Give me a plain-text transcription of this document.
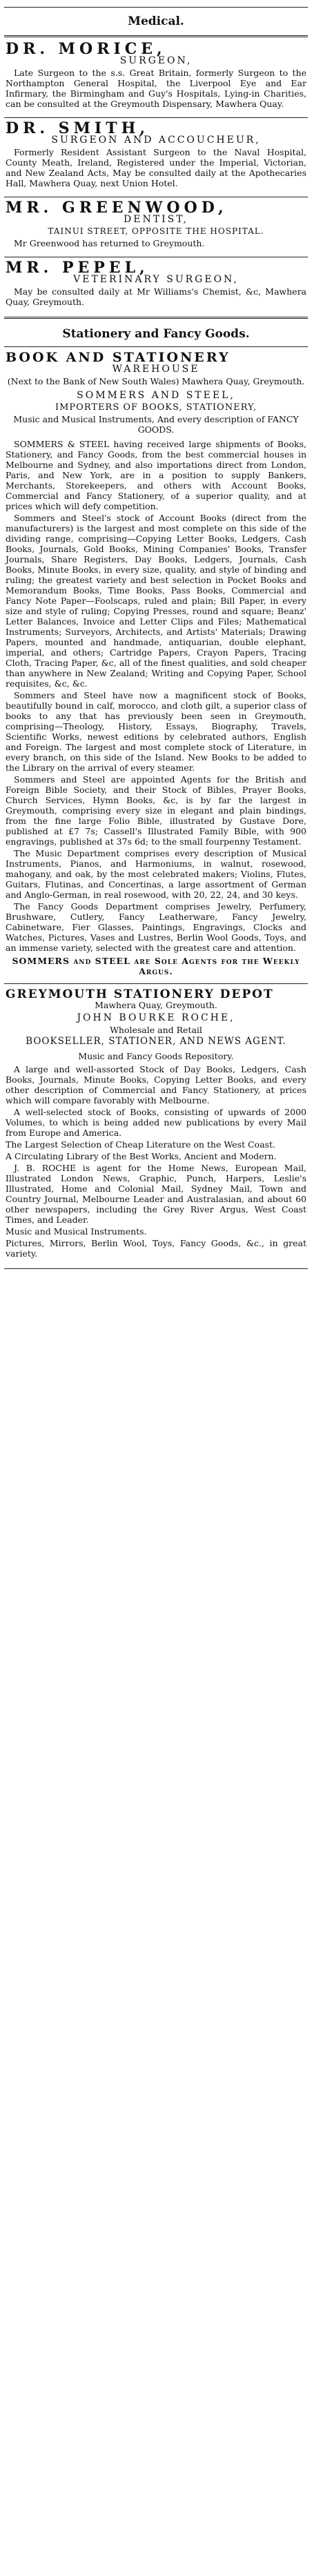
Medical.
DR. MORICE,
SURGEON,

Late Surgeon to the s.s. Great Britain, formerly Surgeon to the Northampton General Hospital, the Liverpool Eye and Ear Infirmary, the Birmingham and Guy's Hospitals, Lying-in Charities, can be consulted at the Greymouth Dispensary, Mawhera Quay.

DR. SMITH,
SURGEON AND ACCOUCHEUR,

Formerly Resident Assistant Surgeon to the Naval Hospital, County Meath, Ireland, Registered under the Imperial, Victorian, and New Zealand Acts, May be consulted daily at the Apothecaries Hall, Mawhera Quay, next Union Hotel.

MR. GREENWOOD,
DENTIST,
TAINUI STREET, OPPOSITE THE HOSPITAL.

Mr Greenwood has returned to Greymouth.

MR. PEPEL,
VETERINARY SURGEON,

May be consulted daily at Mr Williams's Chemist, &c, Mawhera Quay, Greymouth.

Stationery and Fancy Goods.
BOOK AND STATIONERY
WAREHOUSE
(Next to the Bank of New South Wales) Mawhera Quay, Greymouth.
SOMMERS AND STEEL,
IMPORTERS OF BOOKS, STATIONERY,
Music and Musical Instruments, And every description of FANCY GOODS.

SOMMERS & STEEL having received large shipments of Books, Stationery, and Fancy Goods, from the best commercial houses in Melbourne and Sydney, and also importations direct from London, Paris, and New York, are in a position to supply Bankers, Merchants, Storekeepers, and others with Account Books, Commercial and Fancy Stationery, of a superior quality, and at prices which will defy competition.

Sommers and Steel's stock of Account Books (direct from the manufacturers) is the largest and most complete on this side of the dividing range, comprising—Copying Letter Books, Ledgers, Cash Books, Journals, Gold Books, Mining Companies' Books, Transfer Journals, Share Registers, Day Books, Ledgers, Journals, Cash Books, Minute Books, in every size, quality, and style of binding and ruling; the greatest variety and best selection in Pocket Books and Memorandum Books, Time Books, Pass Books, Commercial and Fancy Note Paper—Foolscaps, ruled and plain; Bill Paper, in every size and style of ruling; Copying Presses, round and square; Beanz' Letter Balances, Invoice and Letter Clips and Files; Mathematical Instruments; Surveyors, Architects, and Artists' Materials; Drawing Papers, mounted and handmade, antiquarian, double elephant, imperial, and others; Cartridge Papers, Crayon Papers, Tracing Cloth, Tracing Paper, &c, all of the finest qualities, and sold cheaper than anywhere in New Zealand; Writing and Copying Paper, School requisites, &c, &c.

Sommers and Steel have now a magnificent stock of Books, beautifully bound in calf, morocco, and cloth gilt, a superior class of books to any that has previously been seen in Greymouth, comprising—Theology, History, Essays, Biography, Travels, Scientific Works, newest editions by celebrated authors, English and Foreign. The largest and most complete stock of Literature, in every branch, on this side of the Island. New Books to be added to the Library on the arrival of every steamer.

Sommers and Steel are appointed Agents for the British and Foreign Bible Society, and their Stock of Bibles, Prayer Books, Church Services, Hymn Books, &c, is by far the largest in Greymouth, comprising every size in elegant and plain bindings, from the fine large Folio Bible, illustrated by Gustave Dore, published at £7 7s; Cassell's Illustrated Family Bible, with 900 engravings, published at 37s 6d; to the small fourpenny Testament.

The Music Department comprises every description of Musical Instruments, Pianos, and Harmoniums, in walnut, rosewood, mahogany, and oak, by the most celebrated makers; Violins, Flutes, Guitars, Flutinas, and Concertinas, a large assortment of German and Anglo-German, in real rosewood, with 20, 22, 24, and 30 keys.

The Fancy Goods Department comprises Jewelry, Perfumery, Brushware, Cutlery, Fancy Leatherware, Fancy Jewelry, Cabinetware, Fier Glasses, Paintings, Engravings, Clocks and Watches, Pictures, Vases and Lustres, Berlin Wool Goods, Toys, and an immense variety, selected with the greatest care and attention.

SOMMERS and STEEL are Sole Agents for the Weekly Argus.
GREYMOUTH STATIONERY DEPOT
Mawhera Quay, Greymouth.
JOHN BOURKE ROCHE,
Wholesale and Retail
BOOKSELLER, STATIONER, AND NEWS AGENT.
Music and Fancy Goods Repository.

A large and well-assorted Stock of Day Books, Ledgers, Cash Books, Journals, Minute Books, Copying Letter Books, and every other description of Commercial and Fancy Stationery, at prices which will compare favorably with Melbourne.

A well-selected stock of Books, consisting of upwards of 2000 Volumes, to which is being added new publications by every Mail from Europe and America.

The Largest Selection of Cheap Literature on the West Coast.

A Circulating Library of the Best Works, Ancient and Modern.

J. B. ROCHE is agent for the Home News, European Mail, Illustrated London News, Graphic, Punch, Harpers, Leslie's Illustrated, Home and Colonial Mail, Sydney Mail, Town and Country Journal, Melbourne Leader and Australasian, and about 60 other newspapers, including the Grey River Argus, West Coast Times, and Leader.

Music and Musical Instruments.

Pictures, Mirrors, Berlin Wool, Toys, Fancy Goods, &c., in great variety.
